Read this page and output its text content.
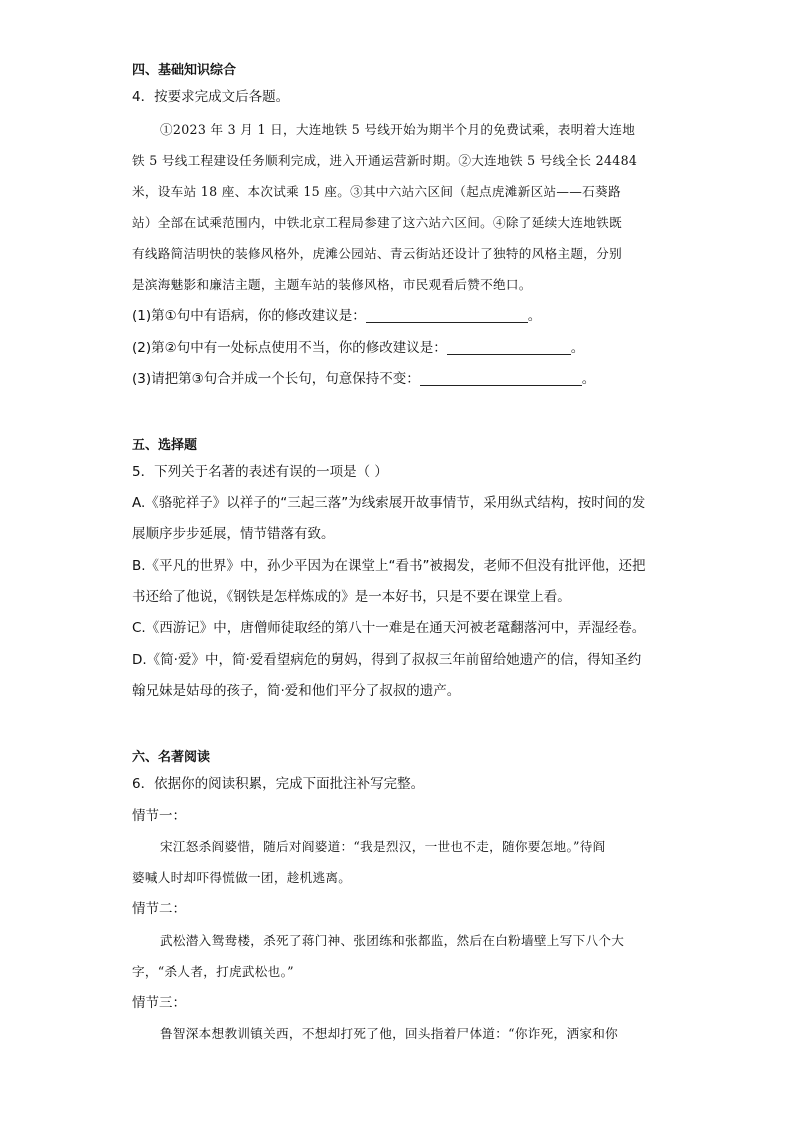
四、基础知识综合
4．按要求完成文后各题。
①2023 年 3 月 1 日，大连地铁 5 号线开始为期半个月的免费试乘，表明着大连地
铁 5 号线工程建设任务顺利完成，进入开通运营新时期。②大连地铁 5 号线全长 24484
米，设车站 18 座、本次试乘 15 座。③其中六站六区间（起点虎滩新区站——石葵路
站）全部在试乘范围内，中铁北京工程局参建了这六站六区间。④除了延续大连地铁既
有线路简洁明快的装修风格外，虎滩公园站、青云街站还设计了独特的风格主题，分别
是滨海魅影和廉洁主题，主题车站的装修风格，市民观看后赞不绝口。
(1)第①句中有语病，你的修改建议是：	。
(2)第②句中有一处标点使用不当，你的修改建议是：	。
(3)请把第③句合并成一个长句，句意保持不变：	。
五、选择题
5．下列关于名著的表述有误的一项是（ ）
A.《骆驼祥子》以祥子的“三起三落”为线索展开故事情节，采用纵式结构，按时间的发
展顺序步步延展，情节错落有致。
B.《平凡的世界》中，孙少平因为在课堂上“看书”被揭发，老师不但没有批评他，还把
书还给了他说，《钢铁是怎样炼成的》是一本好书，只是不要在课堂上看。
C.《西游记》中，唐僧师徒取经的第八十一难是在通天河被老鼋翻落河中，弄湿经卷。
D.《简·爱》中，简·爱看望病危的舅妈，得到了叔叔三年前留给她遗产的信，得知圣约
翰兄妹是姑母的孩子，简·爱和他们平分了叔叔的遗产。
六、名著阅读
6．依据你的阅读积累，完成下面批注补写完整。
情节一：
宋江怒杀阎婆惜，随后对阎婆道：“我是烈汉，一世也不走，随你要怎地。”待阎
婆喊人时却吓得慌做一团，趁机逃离。
情节二：
武松潜入鸳鸯楼，杀死了蒋门神、张团练和张都监，然后在白粉墙壁上写下八个大
字，“杀人者，打虎武松也。”
情节三：
鲁智深本想教训镇关西，不想却打死了他，回头指着尸体道：“你诈死，洒家和你
